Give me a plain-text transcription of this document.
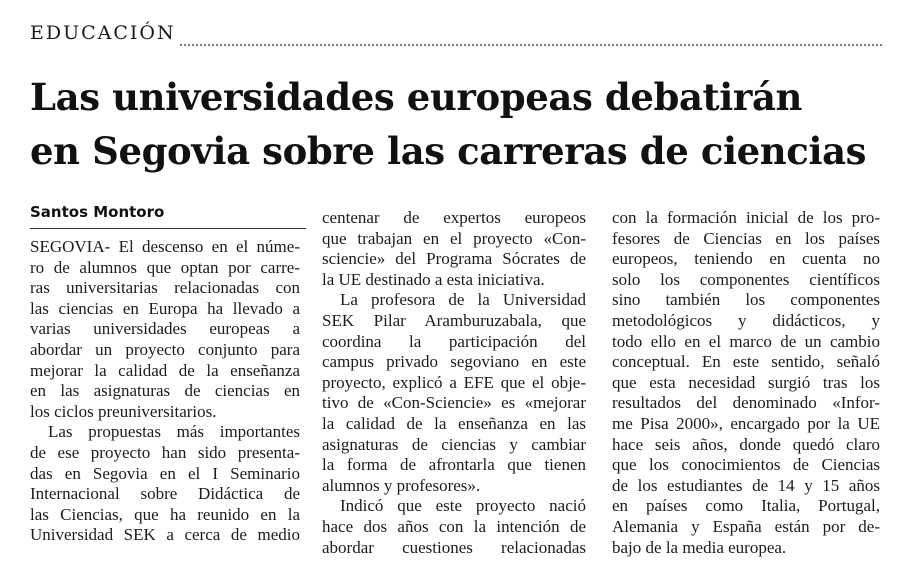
EDUCACIÓN
Las universidades europeas debatirán
en Segovia sobre las carreras de ciencias
Santos Montoro
SEGOVIA- El descenso en el núme-
ro de alumnos que optan por carre-
ras universitarias relacionadas con
las ciencias en Europa ha llevado a
varias universidades europeas a
abordar un proyecto conjunto para
mejorar la calidad de la enseñanza
en las asignaturas de ciencias en
los ciclos preuniversitarios.
Las propuestas más importantes
de ese proyecto han sido presenta-
das en Segovia en el I Seminario
Internacional sobre Didáctica de
las Ciencias, que ha reunido en la
Universidad SEK a cerca de medio
centenar de expertos europeos
que trabajan en el proyecto «Con-
sciencie» del Programa Sócrates de
la UE destinado a esta iniciativa.
La profesora de la Universidad
SEK Pilar Aramburuzabala, que
coordina la participación del
campus privado segoviano en este
proyecto, explicó a EFE que el obje-
tivo de «Con-Sciencie» es «mejorar
la calidad de la enseñanza en las
asignaturas de ciencias y cambiar
la forma de afrontarla que tienen
alumnos y profesores».
Indicó que este proyecto nació
hace dos años con la intención de
abordar cuestiones relacionadas
con la formación inicial de los pro-
fesores de Ciencias en los países
europeos, teniendo en cuenta no
solo los componentes científicos
sino también los componentes
metodológicos y didácticos, y
todo ello en el marco de un cambio
conceptual. En este sentido, señaló
que esta necesidad surgió tras los
resultados del denominado «Infor-
me Pisa 2000», encargado por la UE
hace seis años, donde quedó claro
que los conocimientos de Ciencias
de los estudiantes de 14 y 15 años
en países como Italia, Portugal,
Alemania y España están por de-
bajo de la media europea.
